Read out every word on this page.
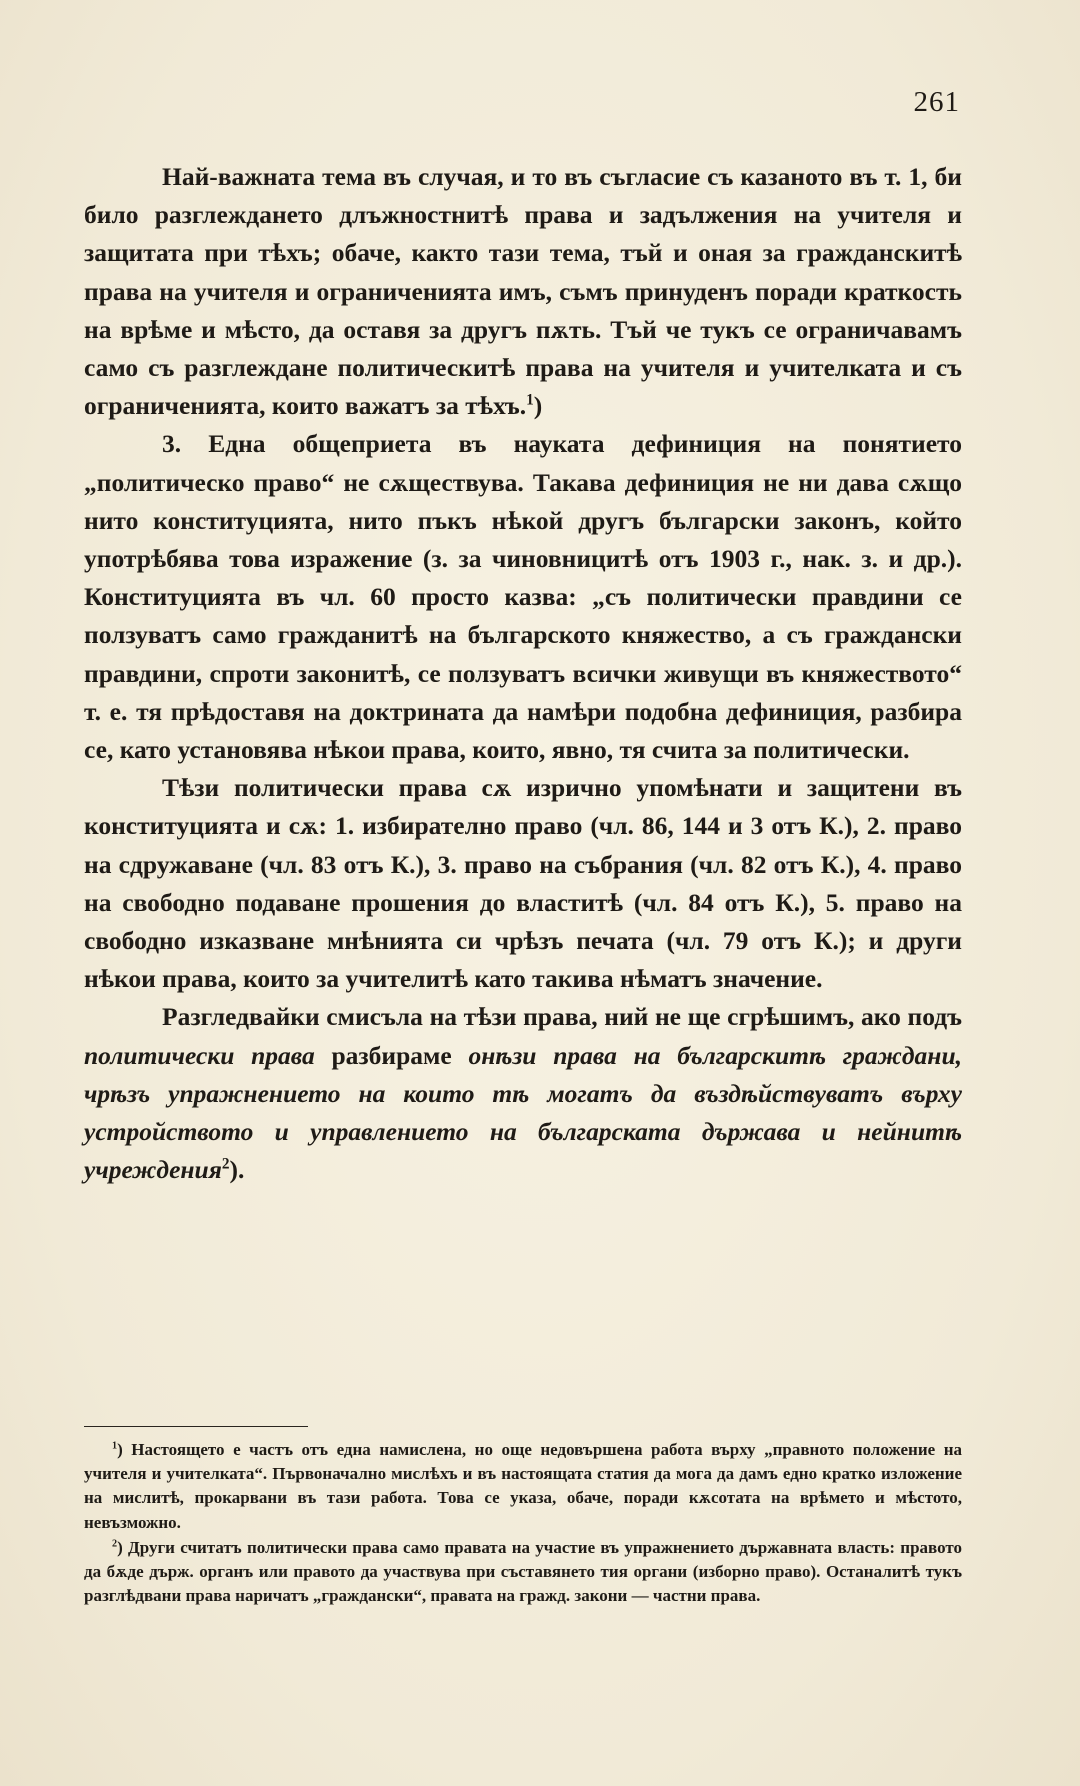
261

Най-важната тема въ случая, и то въ съгласие съ казаното въ т. 1, би било разглеждането длъжностнитѣ права и задължения на учителя и защитата при тѣхъ; обаче, както тази тема, тъй и оная за гражданскитѣ права на учителя и ограниченията имъ, съмъ принуденъ поради краткость на врѣме и мѣсто, да оставя за другъ пѫть. Тъй че тукъ се ограничавамъ само съ разглеждане политическитѣ права на учителя и учителката и съ ограниченията, които важатъ за тѣхъ.$^1$)

3. Една общеприета въ науката дефиниция на понятието „политическо право“ не сѫществува. Такава дефиниция не ни дава сѫщо нито конституцията, нито пъкъ нѣкой другъ български законъ, който употрѣбява това изражение (з. за чиновницитѣ отъ 1903 г., нак. з. и др.). Конституцията въ чл. 60 просто казва: „съ политически правдини се ползуватъ само гражданитѣ на българското княжество, а съ граждански правдини, спроти законитѣ, се ползуватъ всички живущи въ княжеството“ т. е. тя прѣдоставя на доктрината да намѣри подобна дефиниция, разбира се, като установява нѣкои права, които, явно, тя счита за политически.

Тѣзи политически права сѫ изрично упомѣнати и защитени въ конституцията и сѫ: 1. избирателно право (чл. 86, 144 и 3 отъ К.), 2. право на сдружаване (чл. 83 отъ К.), 3. право на събрания (чл. 82 отъ К.), 4. право на свободно подаване прошения до властитѣ (чл. 84 отъ К.), 5. право на свободно изказване мнѣнията си чрѣзъ печата (чл. 79 отъ К.); и други нѣкои права, които за учителитѣ като такива нѣматъ значение.

Разгледвайки смисъла на тѣзи права, ний не ще сгрѣшимъ, ако подъ политически права разбираме онѣзи права на българскитѣ граждани, чрѣзъ упражнението на които тѣ могатъ да въздѣйствуватъ върху устройството и управлението на българската държава и нейнитѣ учреждения$^2$).

$^1$) Настоящето е частъ отъ една намислена, но още недовършена работа върху „правното положение на учителя и учителката“. Първоначално мислѣхъ и въ настоящата статия да мога да дамъ едно кратко изложение на мислитѣ, прокарвани въ тази работа. Това се указа, обаче, поради кѫсотата на врѣмето и мѣстото, невъзможно.

$^2$) Други считатъ политически права само правата на участие въ упражнението държавната власть: правото да бѫде държ. органъ или правото да участвува при съставянето тия органи (изборно право). Останалитѣ тукъ разглѣдвани права наричатъ „граждански“, правата на гражд. закони — частни права.
